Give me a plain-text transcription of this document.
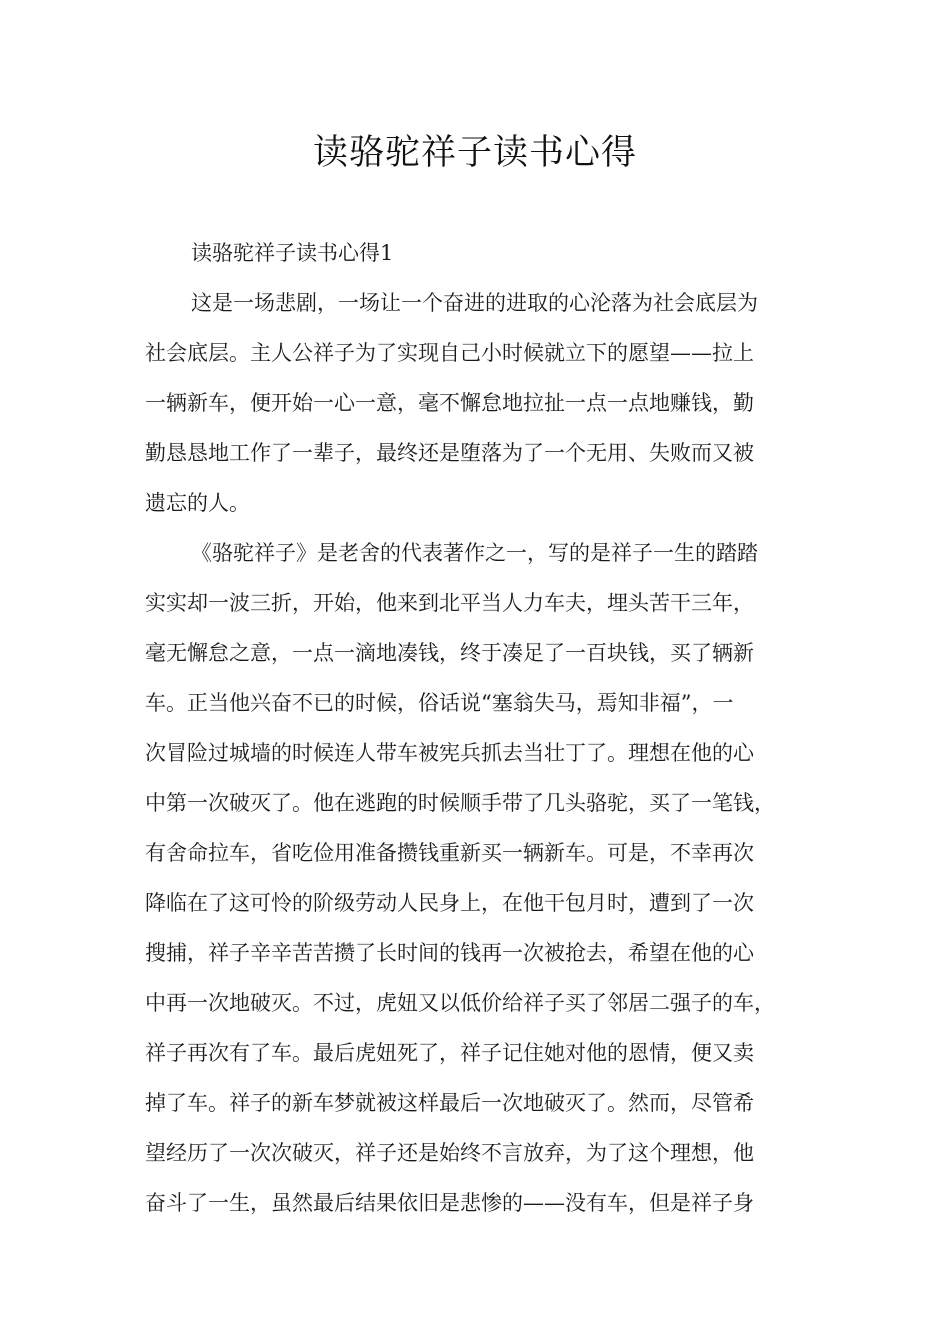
读骆驼祥子读书心得

读骆驼祥子读书心得1

这是一场悲剧，一场让一个奋进的进取的心沦落为社会底层为
社会底层。主人公祥子为了实现自己小时候就立下的愿望——拉上
一辆新车，便开始一心一意，毫不懈怠地拉扯一点一点地赚钱，勤
勤恳恳地工作了一辈子，最终还是堕落为了一个无用、失败而又被
遗忘的人。

《骆驼祥子》是老舍的代表著作之一，写的是祥子一生的踏踏
实实却一波三折，开始，他来到北平当人力车夫，埋头苦干三年，
毫无懈怠之意，一点一滴地凑钱，终于凑足了一百块钱，买了辆新
车。正当他兴奋不已的时候，俗话说“塞翁失马，焉知非福”，一
次冒险过城墙的时候连人带车被宪兵抓去当壮丁了。理想在他的心
中第一次破灭了。他在逃跑的时候顺手带了几头骆驼，买了一笔钱，
有舍命拉车，省吃俭用准备攒钱重新买一辆新车。可是，不幸再次
降临在了这可怜的阶级劳动人民身上，在他干包月时，遭到了一次
搜捕，祥子辛辛苦苦攒了长时间的钱再一次被抢去，希望在他的心
中再一次地破灭。不过，虎妞又以低价给祥子买了邻居二强子的车，
祥子再次有了车。最后虎妞死了，祥子记住她对他的恩情，便又卖
掉了车。祥子的新车梦就被这样最后一次地破灭了。然而，尽管希
望经历了一次次破灭，祥子还是始终不言放弃，为了这个理想，他
奋斗了一生，虽然最后结果依旧是悲惨的——没有车，但是祥子身
